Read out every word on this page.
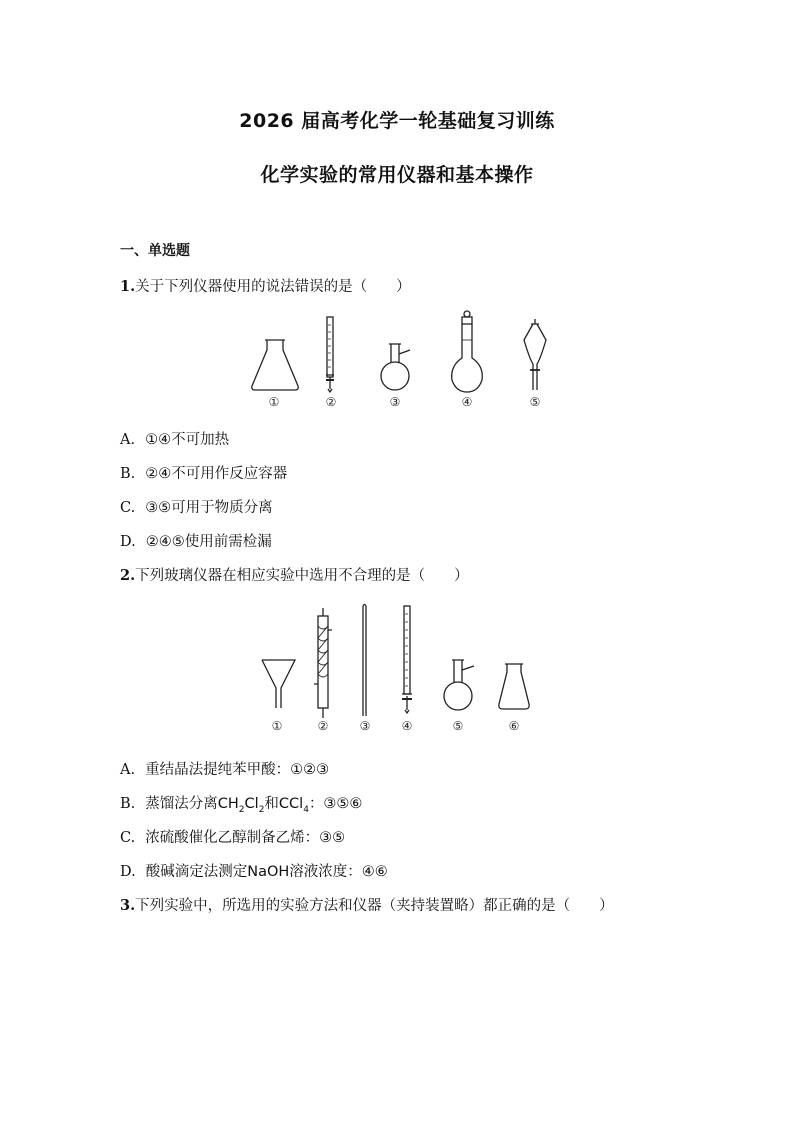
2026 届高考化学一轮基础复习训练
化学实验的常用仪器和基本操作
一、单选题
1.关于下列仪器使用的说法错误的是（　　）
①	②	③	④	⑤
A. ①④不可加热
B. ②④不可用作反应容器
C. ③⑤可用于物质分离
D. ②④⑤使用前需检漏
2.下列玻璃仪器在相应实验中选用不合理的是（　　）
①	②	③	④	⑤	⑥
A. 重结晶法提纯苯甲酸：①②③
B. 蒸馏法分离$CH_2Cl_2$和CCl$_4$：③⑤⑥
C. 浓硫酸催化乙醇制备乙烯：③⑤
D. 酸碱滴定法测定NaOH溶液浓度：④⑥
3.下列实验中，所选用的实验方法和仪器（夹持装置略）都正确的是（　　）
